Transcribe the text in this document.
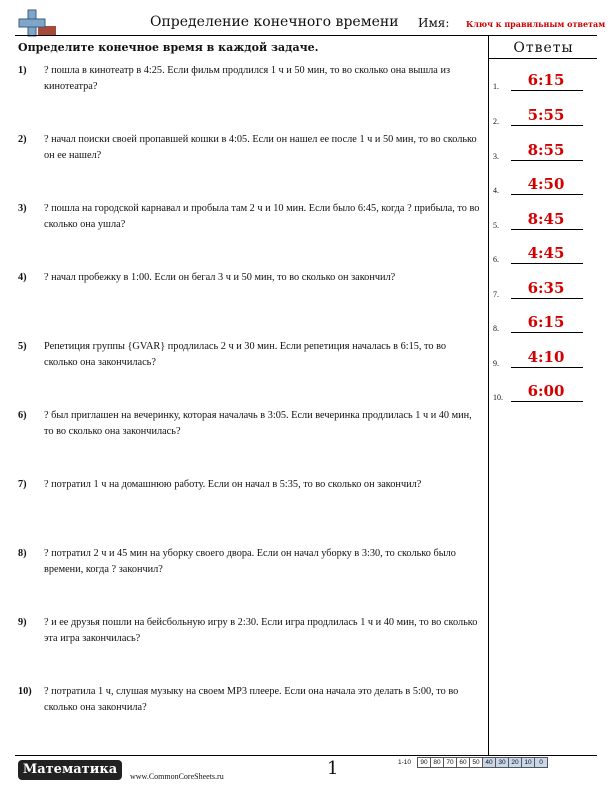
Определение конечного времени Имя: Ключ к правильным ответам
Определите конечное время в каждой задаче.	Ответы
1)	? пошла в кинотеатр в 4:25. Если фильм продлился 1 ч и 50 мин, то во сколько она вышла из кинотеатра?
2)	? начал поиски своей пропавшей кошки в 4:05. Если он нашел ее после 1 ч и 50 мин, то во сколько он ее нашел?
3)	? пошла на городской карнавал и пробыла там 2 ч и 10 мин. Если было 6:45, когда ? прибыла, то во сколько она ушла?
4)	? начал пробежку в 1:00. Если он бегал 3 ч и 50 мин, то во сколько он закончил?
5)	Репетиция группы {GVAR} продлилась 2 ч и 30 мин. Если репетиция началась в 6:15, то во сколько она закончилась?
6)	? был приглашен на вечеринку, которая началачь в 3:05. Если вечеринка продлилась 1 ч и 40 мин, то во сколько она закончилась?
7)	? потратил 1 ч на домашнюю работу. Если он начал в 5:35, то во сколько он закончил?
8)	? потратил 2 ч и 45 мин на уборку своего двора. Если он начал уборку в 3:30, то сколько было времени, когда ? закончил?
9)	? и ее друзья пошли на бейсбольную игру в 2:30. Если игра продлилась 1 ч и 40 мин, то во сколько эта игра закончилась?
10)	? потратила 1 ч, слушая музыку на своем MP3 плеере. Если она начала это делать в 5:00, то во сколько она закончила?
1.	6:15
2.	5:55
3.	8:55
4.	4:50
5.	8:45
6.	4:45
7.	6:35
8.	6:15
9.	4:10
10.	6:00
Математика	www.CommonCoreSheets.ru	1	1-10	90	80	70	60	50	40	30	20	10	0
